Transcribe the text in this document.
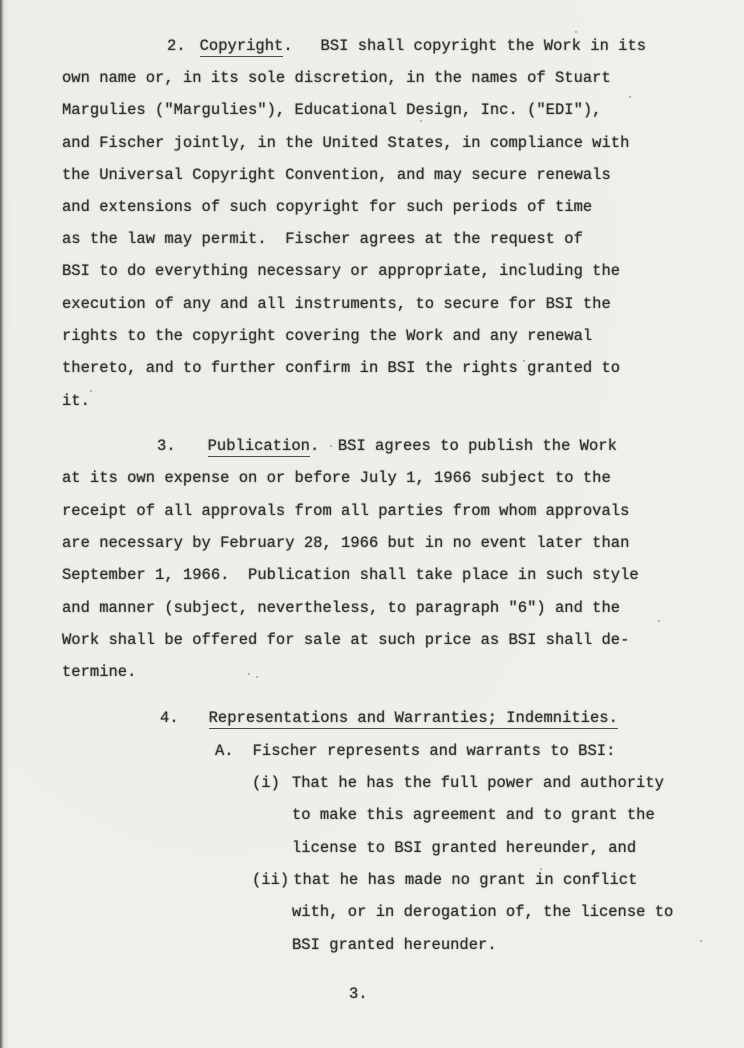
2. Copyright.   BSI shall copyright the Work in its
own name or, in its sole discretion, in the names of Stuart
Margulies ("Margulies"), Educational Design, Inc. ("EDI"),
and Fischer jointly, in the United States, in compliance with
the Universal Copyright Convention, and may secure renewals
and extensions of such copyright for such periods of time
as the law may permit.  Fischer agrees at the request of
BSI to do everything necessary or appropriate, including the
execution of any and all instruments, to secure for BSI the
rights to the copyright covering the Work and any renewal
thereto, and to further confirm in BSI the rights granted to
it.
3. Publication.  BSI agrees to publish the Work
at its own expense on or before July 1, 1966 subject to the
receipt of all approvals from all parties from whom approvals
are necessary by February 28, 1966 but in no event later than
September 1, 1966.  Publication shall take place in such style
and manner (subject, nevertheless, to paragraph "6") and the
Work shall be offered for sale at such price as BSI shall de-
termine.
4. Representations and Warranties; Indemnities.
A. Fischer represents and warrants to BSI:
(i) That he has the full power and authority
to make this agreement and to grant the
license to BSI granted hereunder, and
(ii) that he has made no grant in conflict
with, or in derogation of, the license to
BSI granted hereunder.
3.
